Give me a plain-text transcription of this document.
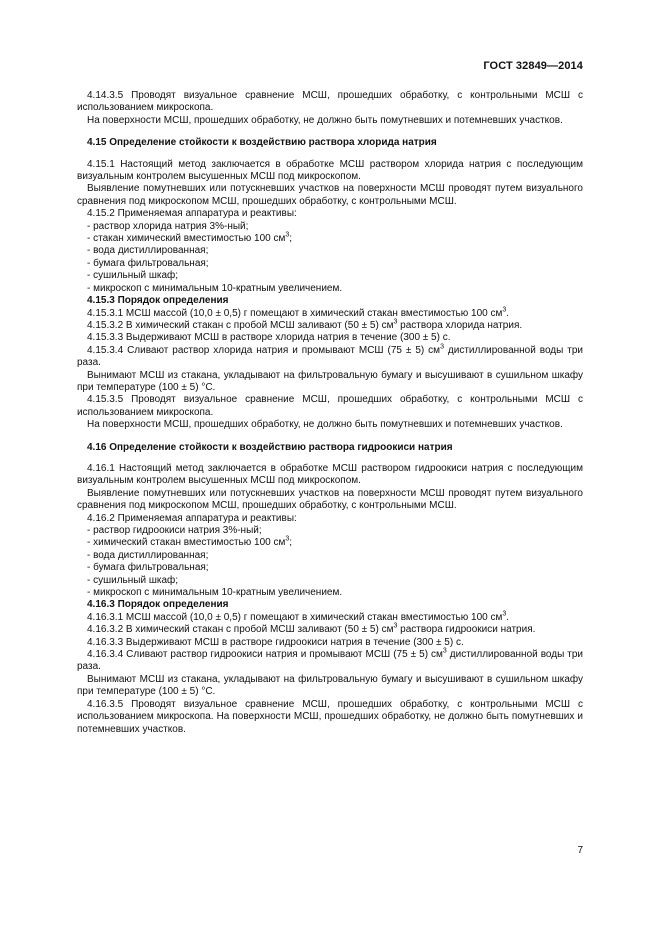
ГОСТ 32849—2014

4.14.3.5 Проводят визуальное сравнение МСШ, прошедших обработку, с контрольными МСШ с использованием микроскопа.

На поверхности МСШ, прошедших обработку, не должно быть помутневших и потемневших участков.

4.15 Определение стойкости к воздействию раствора хлорида натрия

4.15.1 Настоящий метод заключается в обработке МСШ раствором хлорида натрия с последующим визуальным контролем высушенных МСШ под микроскопом.

Выявление помутневших или потускневших участков на поверхности МСШ проводят путем визуального сравнения под микроскопом МСШ, прошедших обработку, с контрольными МСШ.

4.15.2 Применяемая аппаратура и реактивы:

- раствор хлорида натрия 3%-ный;

- стакан химический вместимостью 100 $см^3$;

- вода дистиллированная;

- бумага фильтровальная;

- сушильный шкаф;

- микроскоп с минимальным 10-кратным увеличением.

4.15.3 Порядок определения

4.15.3.1 МСШ массой (10,0 ± 0,5) г помещают в химический стакан вместимостью 100 $см^3$.

4.15.3.2 В химический стакан с пробой МСШ заливают (50 ± 5) $см^3$ раствора хлорида натрия.

4.15.3.3 Выдерживают МСШ в растворе хлорида натрия в течение (300 ± 5) с.

4.15.3.4 Сливают раствор хлорида натрия и промывают МСШ (75 ± 5) $см^3$ дистиллированной воды три раза.

Вынимают МСШ из стакана, укладывают на фильтровальную бумагу и высушивают в сушильном шкафу при температуре (100 ± 5) °С.

4.15.3.5 Проводят визуальное сравнение МСШ, прошедших обработку, с контрольными МСШ с использованием микроскопа.

На поверхности МСШ, прошедших обработку, не должно быть помутневших и потемневших участков.

4.16 Определение стойкости к воздействию раствора гидроокиси натрия

4.16.1 Настоящий метод заключается в обработке МСШ раствором гидроокиси натрия с последующим визуальным контролем высушенных МСШ под микроскопом.

Выявление помутневших или потускневших участков на поверхности МСШ проводят путем визуального сравнения под микроскопом МСШ, прошедших обработку, с контрольными МСШ.

4.16.2 Применяемая аппаратура и реактивы:

- раствор гидроокиси натрия 3%-ный;

- химический стакан вместимостью 100 $см^3$;

- вода дистиллированная;

- бумага фильтровальная;

- сушильный шкаф;

- микроскоп с минимальным 10-кратным увеличением.

4.16.3 Порядок определения

4.16.3.1 МСШ массой (10,0 ± 0,5) г помещают в химический стакан вместимостью 100 $см^3$.

4.16.3.2 В химический стакан с пробой МСШ заливают (50 ± 5) $см^3$ раствора гидроокиси натрия.

4.16.3.3 Выдерживают МСШ в растворе гидроокиси натрия в течение (300 ± 5) с.

4.16.3.4 Сливают раствор гидроокиси натрия и промывают МСШ (75 ± 5) $см^3$ дистиллированной воды три раза.

Вынимают МСШ из стакана, укладывают на фильтровальную бумагу и высушивают в сушильном шкафу при температуре (100 ± 5) °С.

4.16.3.5 Проводят визуальное сравнение МСШ, прошедших обработку, с контрольными МСШ с использованием микроскопа. На поверхности МСШ, прошедших обработку, не должно быть помутневших и потемневших участков.

7
